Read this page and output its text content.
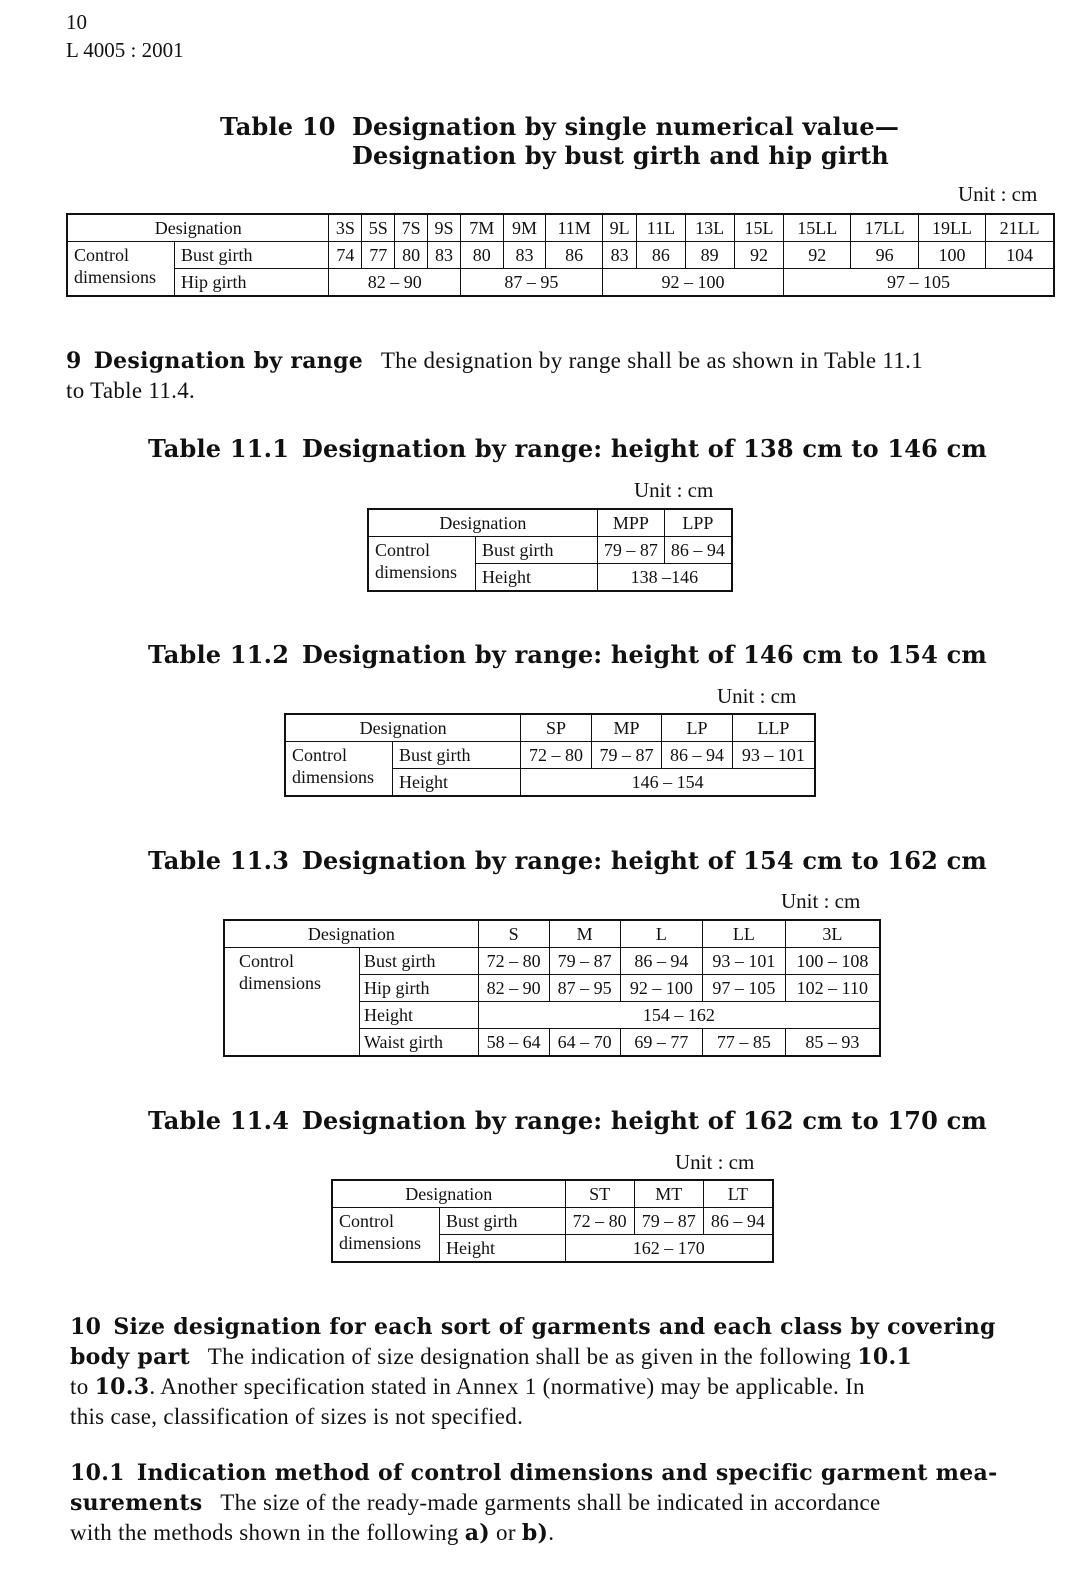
10
L 4005 : 2001
Table 10 Designation by single numerical value—
Designation by bust girth and hip girth
Unit : cm
Designation		3S	5S	7S	9S	7M	9M	11M	9L	11L	13L	15L	15LL	17LL	19LL	21LL
Control
dimensions	Bust girth	74	77	80	83	80	83	86	83	86	89	92	92	96	100	104
	Hip girth	82 – 90				87 – 95			92 – 100				97 – 105			
9 Designation by range The designation by range shall be as shown in Table 11.1
to Table 11.4.
Table 11.1 Designation by range: height of 138 cm to 146 cm
Unit : cm
Designation		MPP	LPP
Control
dimensions	Bust girth	79 – 87	86 – 94
	Height	138 –146	
Table 11.2 Designation by range: height of 146 cm to 154 cm
Unit : cm
Designation		SP	MP	LP	LLP
Control
dimensions	Bust girth	72 – 80	79 – 87	86 – 94	93 – 101
	Height	146 – 154			
Table 11.3 Designation by range: height of 154 cm to 162 cm
Unit : cm
Designation		S	M	L	LL	3L
Control
dimensions	Bust girth	72 – 80	79 – 87	86 – 94	93 – 101	100 – 108
	Hip girth	82 – 90	87 – 95	92 – 100	97 – 105	102 – 110
	Height	154 – 162				
	Waist girth	58 – 64	64 – 70	69 – 77	77 – 85	85 – 93
Table 11.4 Designation by range: height of 162 cm to 170 cm
Unit : cm
Designation		ST	MT	LT
Control
dimensions	Bust girth	72 – 80	79 – 87	86 – 94
	Height	162 – 170		
10 Size designation for each sort of garments and each class by covering
body part The indication of size designation shall be as given in the following 10.1
to 10.3. Another specification stated in Annex 1 (normative) may be applicable. In
this case, classification of sizes is not specified.
10.1 Indication method of control dimensions and specific garment mea-
surements The size of the ready-made garments shall be indicated in accordance
with the methods shown in the following a) or b).
